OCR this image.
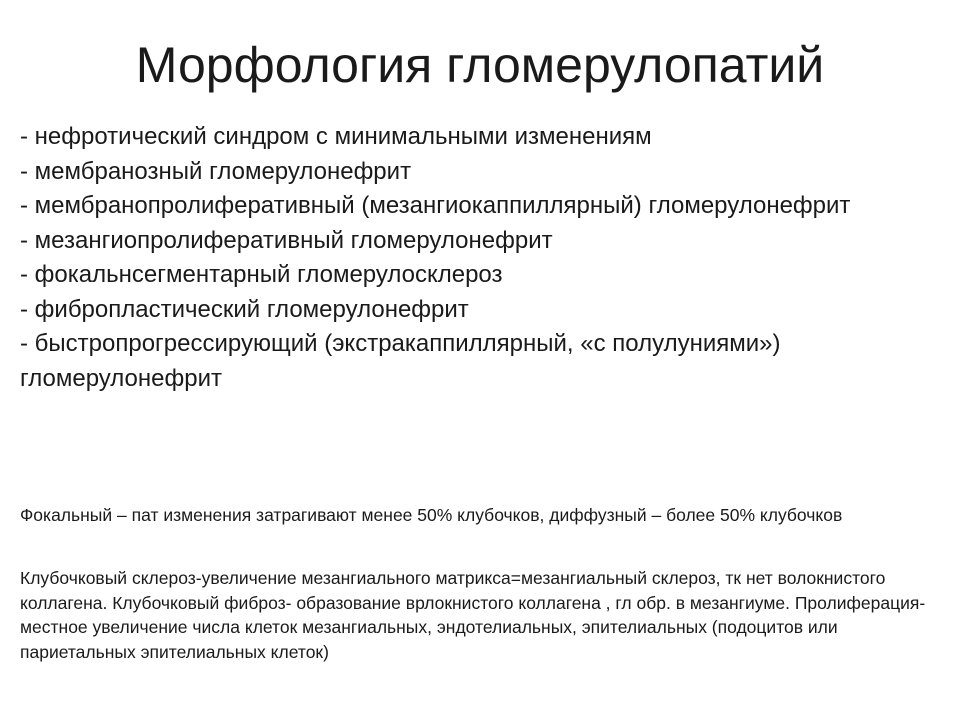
Морфология гломерулопатий
- нефротический синдром с минимальными изменениям
- мембранозный гломерулонефрит
- мембранопролиферативный (мезангиокаппиллярный) гломерулонефрит
- мезангиопролиферативный гломерулонефрит
- фокальнсегментарный гломерулосклероз
- фибропластический гломерулонефрит
- быстропрогрессирующий (экстракаппиллярный, «с полулуниями») гломерулонефрит

Фокальный – пат изменения затрагивают менее 50% клубочков, диффузный – более 50% клубочков

Клубочковый склероз-увеличение мезангиального матрикса=мезангиальный склероз, тк нет волокнистого коллагена. Клубочковый фиброз- образование врлокнистого коллагена , гл обр. в мезангиуме. Пролиферация- местное увеличение числа клеток мезангиальных, эндотелиальных, эпителиальных (подоцитов или париетальных эпителиальных клеток)
